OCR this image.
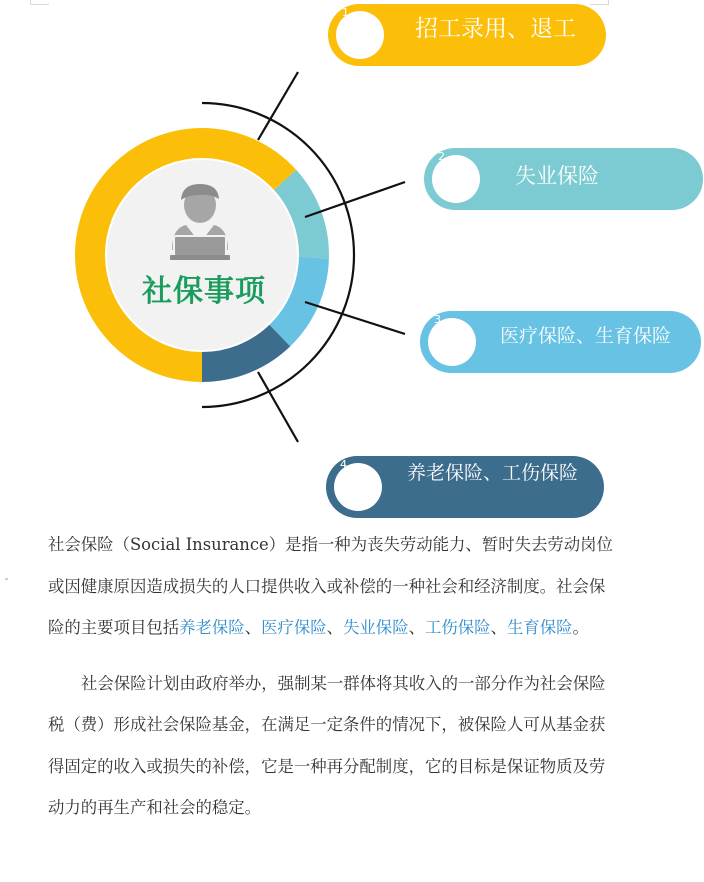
社保事项
1
招工录用、退工
2
失业保险
3
医疗保险、生育保险
4	养老保险、工伤保险
ˇ

社会保险（Social Insurance）是指一种为丧失劳动能力、暂时失去劳动岗位或因健康原因造成损失的人口提供收入或补偿的一种社会和经济制度。社会保险的主要项目包括养老保险、医疗保险、失业保险、工伤保险、生育保险。

社会保险计划由政府举办，强制某一群体将其收入的一部分作为社会保险税（费）形成社会保险基金，在满足一定条件的情况下，被保险人可从基金获得固定的收入或损失的补偿，它是一种再分配制度，它的目标是保证物质及劳动力的再生产和社会的稳定。
